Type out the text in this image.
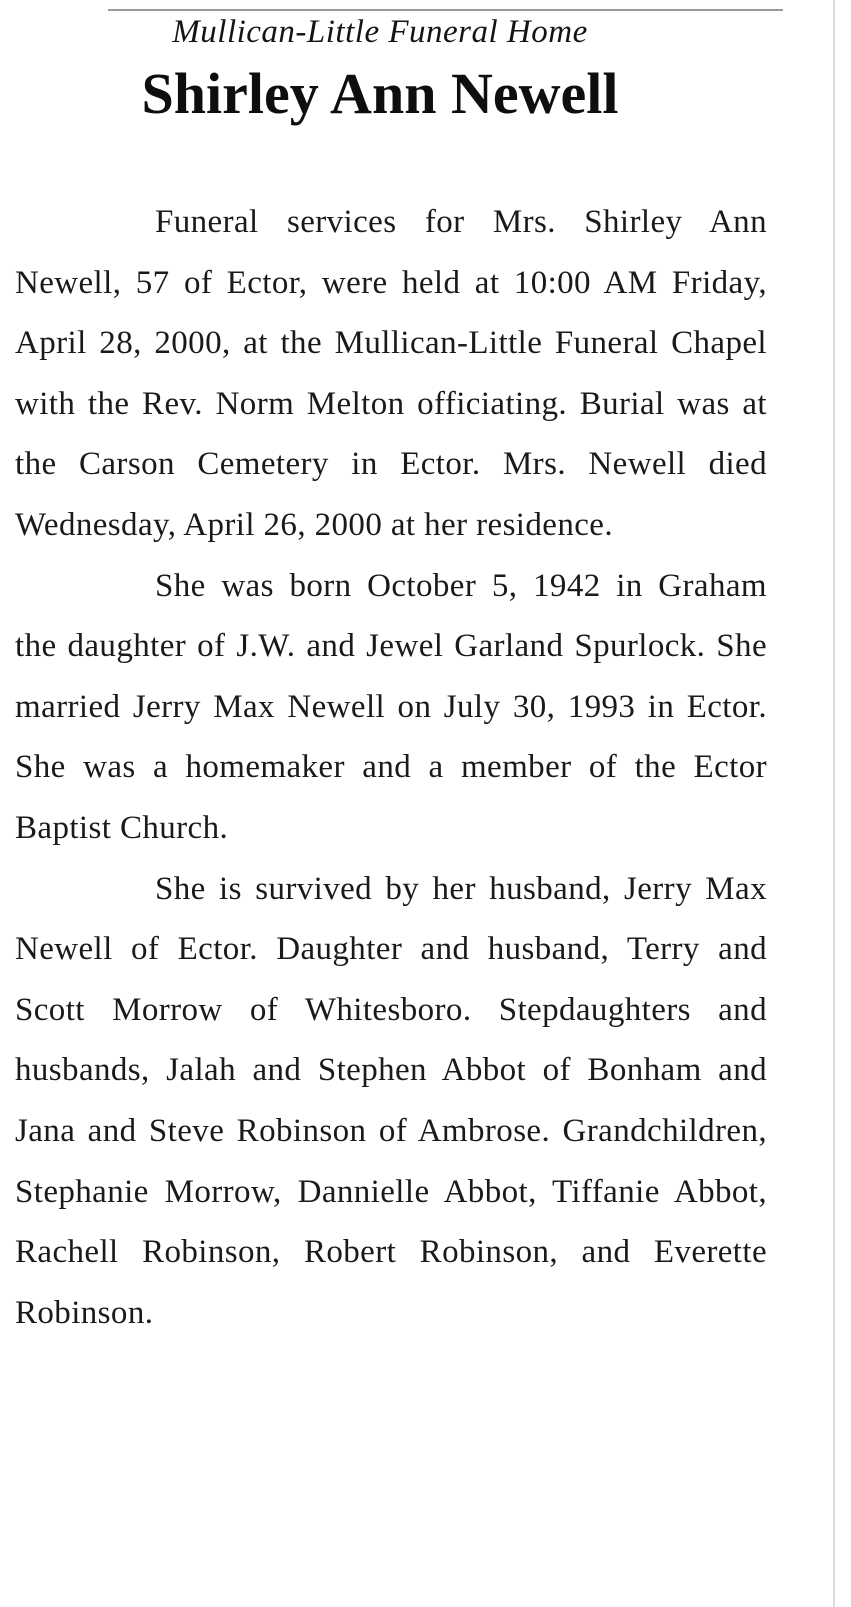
Mullican-Little Funeral Home
Shirley Ann Newell

Funeral services for Mrs. Shirley Ann Newell, 57 of Ector, were held at 10:00 AM Friday, April 28, 2000, at the Mullican-Little Funeral Chapel with the Rev. Norm Melton officiating. Burial was at the Carson Cemetery in Ector. Mrs. Newell died Wednesday, April 26, 2000 at her residence.

She was born October 5, 1942 in Graham the daughter of J.W. and Jewel Garland Spurlock. She married Jerry Max Newell on July 30, 1993 in Ector. She was a homemaker and a member of the Ector Baptist Church.

She is survived by her husband, Jerry Max Newell of Ector. Daughter and husband, Terry and Scott Morrow of Whitesboro. Stepdaughters and husbands, Jalah and Stephen Abbot of Bonham and Jana and Steve Robinson of Ambrose. Grandchildren, Stephanie Morrow, Dannielle Abbot, Tiffanie Abbot, Rachell Robinson, Robert Robinson, and Everette Robinson.
